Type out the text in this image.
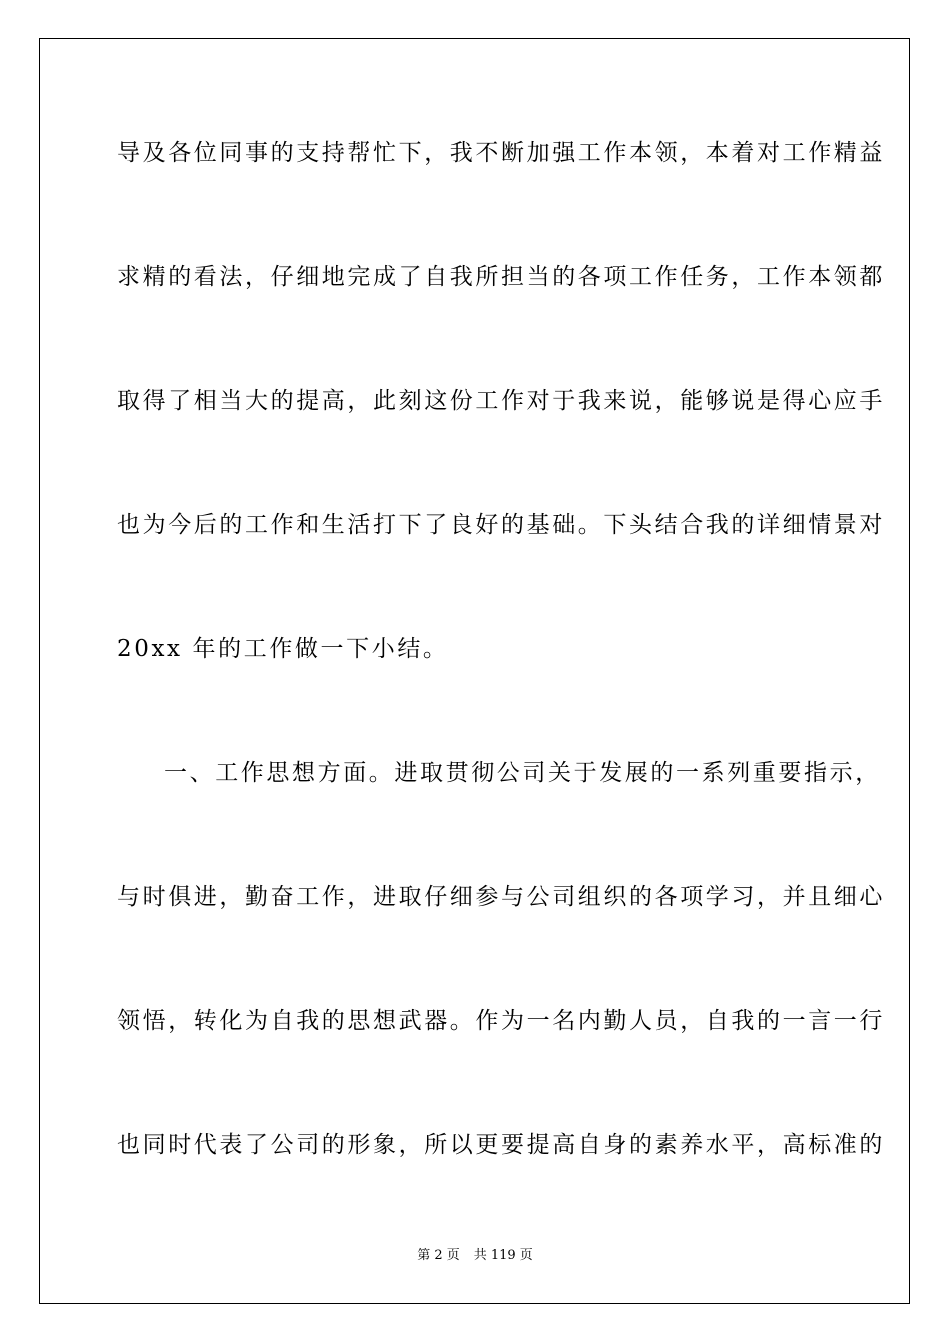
导及各位同事的支持帮忙下，我不断加强工作本领，本着对工作精益
求精的看法，仔细地完成了自我所担当的各项工作任务，工作本领都
取得了相当大的提高，此刻这份工作对于我来说，能够说是得心应手
也为今后的工作和生活打下了良好的基础。下头结合我的详细情景对
20xx 年的工作做一下小结。
一、工作思想方面。进取贯彻公司关于发展的一系列重要指示，
与时俱进，勤奋工作，进取仔细参与公司组织的各项学习，并且细心
领悟，转化为自我的思想武器。作为一名内勤人员，自我的一言一行
也同时代表了公司的形象，所以更要提高自身的素养水平，高标准的
第 2 页 共 119 页
